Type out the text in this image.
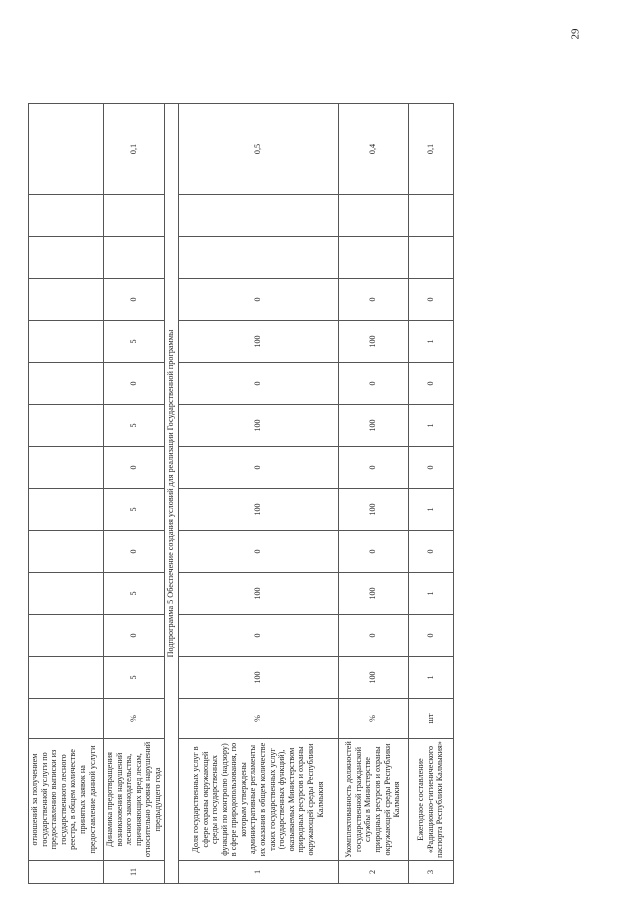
29
	отношений за получением государственной услуги по предоставлению выписки из государственного лесного реестра, в общем количестве принятых заявок на предоставление данной услуги														
11	Динамика предотвращения возникновения нарушений лесного законодательства, причиняющих вред лесам, относительно уровня нарушений предыдущего года	%	5	0	5	0	5	0	5	0	5	0			0,1
Подпрограмма 5 Обеспечение создания условий для реализации Государственной программы															
1	Доля государственных услуг в сфере охраны окружающей среды и государственных функций по контролю (надзору) в сфере природопользования, по которым утверждены административные регламенты их оказания в общем количестве таких государственных услуг (государственных функций), оказываемых Министерством природных ресурсов и охраны окружающей среды Республики Калмыкия	%	100	0	100	0	100	0	100	0	100	0			0,5
2	Укомплектованность должностей государственной гражданской службы в Министерстве природных ресурсов и охраны окружающей среды Республики Калмыкия	%	100	0	100	0	100	0	100	0	100	0			0,4
3	Ежегодное составление «Радиационно-гигиенического паспорта Республики Калмыкия»	шт	1	0	1	0	1	0	1	0	1	0			0,1
